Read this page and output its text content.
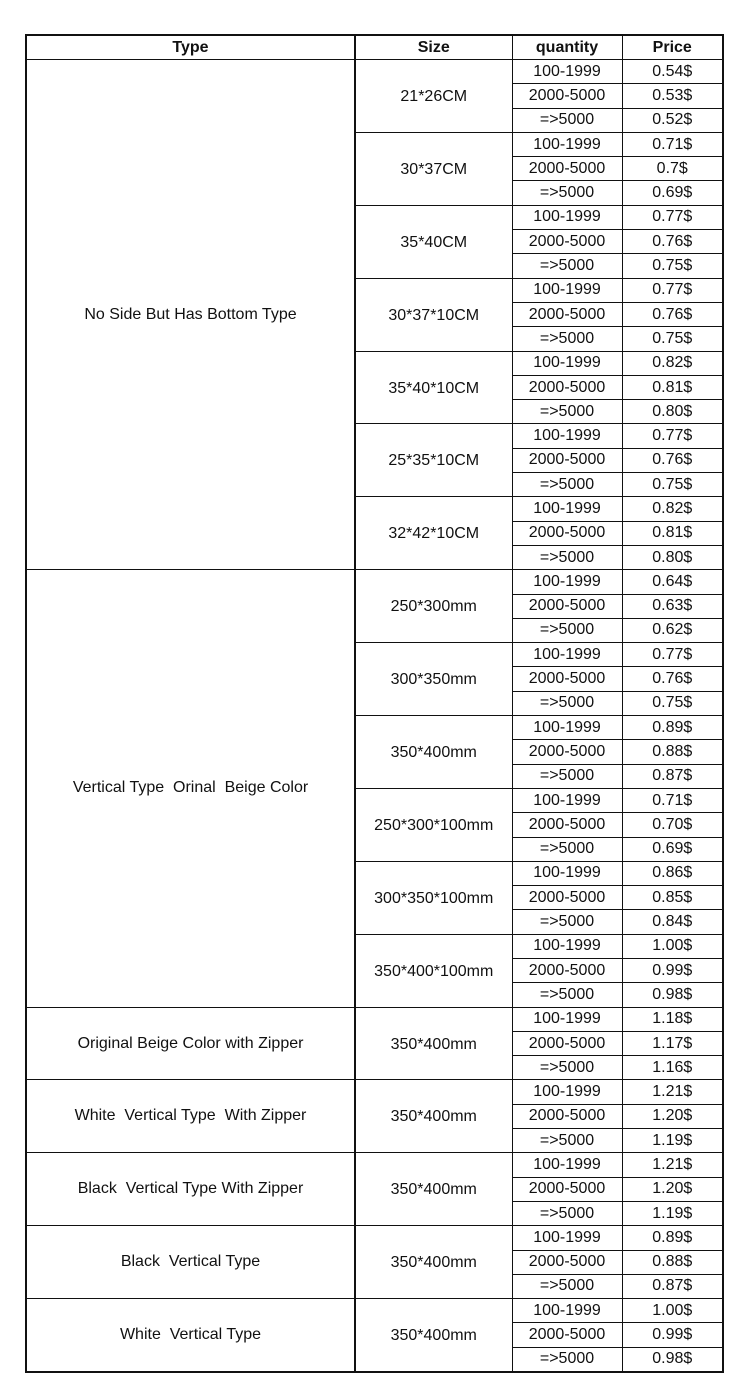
Type	Size	quantity	Price
No Side But Has Bottom Type	21*26CM	100-1999	0.54$
		2000-5000	0.53$
		=>5000	0.52$
	30*37CM	100-1999	0.71$
		2000-5000	0.7$
		=>5000	0.69$
	35*40CM	100-1999	0.77$
		2000-5000	0.76$
		=>5000	0.75$
	30*37*10CM	100-1999	0.77$
		2000-5000	0.76$
		=>5000	0.75$
	35*40*10CM	100-1999	0.82$
		2000-5000	0.81$
		=>5000	0.80$
	25*35*10CM	100-1999	0.77$
		2000-5000	0.76$
		=>5000	0.75$
	32*42*10CM	100-1999	0.82$
		2000-5000	0.81$
		=>5000	0.80$
Vertical Type  Orinal  Beige Color	250*300mm	100-1999	0.64$
		2000-5000	0.63$
		=>5000	0.62$
	300*350mm	100-1999	0.77$
		2000-5000	0.76$
		=>5000	0.75$
	350*400mm	100-1999	0.89$
		2000-5000	0.88$
		=>5000	0.87$
	250*300*100mm	100-1999	0.71$
		2000-5000	0.70$
		=>5000	0.69$
	300*350*100mm	100-1999	0.86$
		2000-5000	0.85$
		=>5000	0.84$
	350*400*100mm	100-1999	1.00$
		2000-5000	0.99$
		=>5000	0.98$
Original Beige Color with Zipper	350*400mm	100-1999	1.18$
		2000-5000	1.17$
		=>5000	1.16$
White  Vertical Type  With Zipper	350*400mm	100-1999	1.21$
		2000-5000	1.20$
		=>5000	1.19$
Black  Vertical Type With Zipper	350*400mm	100-1999	1.21$
		2000-5000	1.20$
		=>5000	1.19$
Black  Vertical Type	350*400mm	100-1999	0.89$
		2000-5000	0.88$
		=>5000	0.87$
White  Vertical Type	350*400mm	100-1999	1.00$
		2000-5000	0.99$
		=>5000	0.98$
